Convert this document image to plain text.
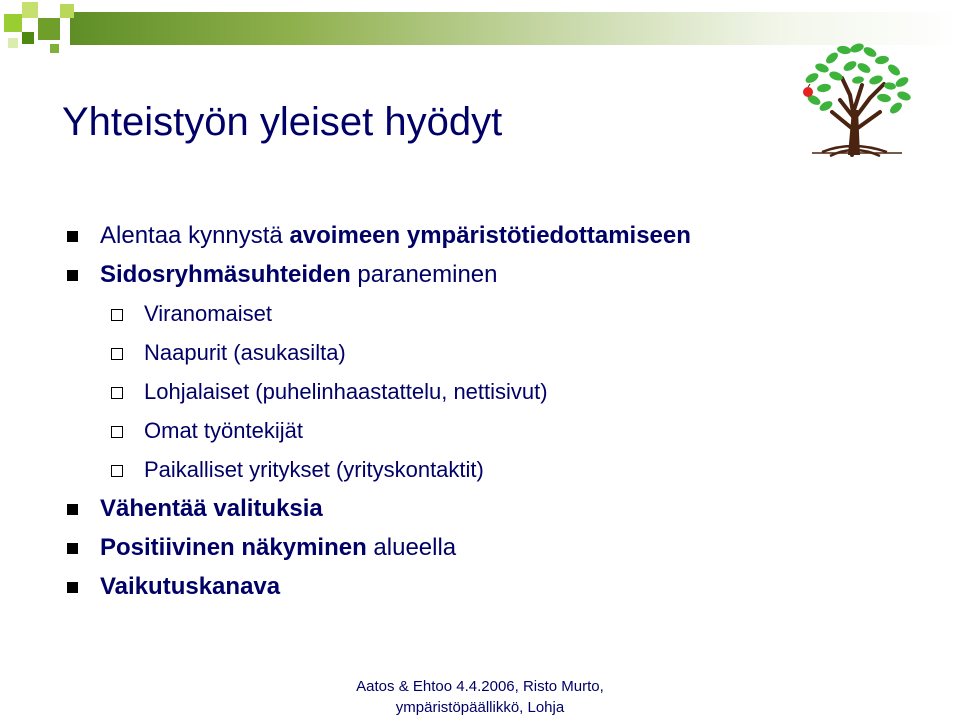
Yhteistyön yleiset hyödyt
Alentaa kynnystä avoimeen ympäristötiedottamiseen
Sidosryhmäsuhteiden paraneminen
Viranomaiset
Naapurit (asukasilta)
Lohjalaiset (puhelinhaastattelu, nettisivut)
Omat työntekijät
Paikalliset yritykset (yrityskontaktit)
Vähentää valituksia
Positiivinen näkyminen alueella
Vaikutuskanava
Aatos & Ehtoo 4.4.2006, Risto Murto,
ympäristöpäällikkö, Lohja
